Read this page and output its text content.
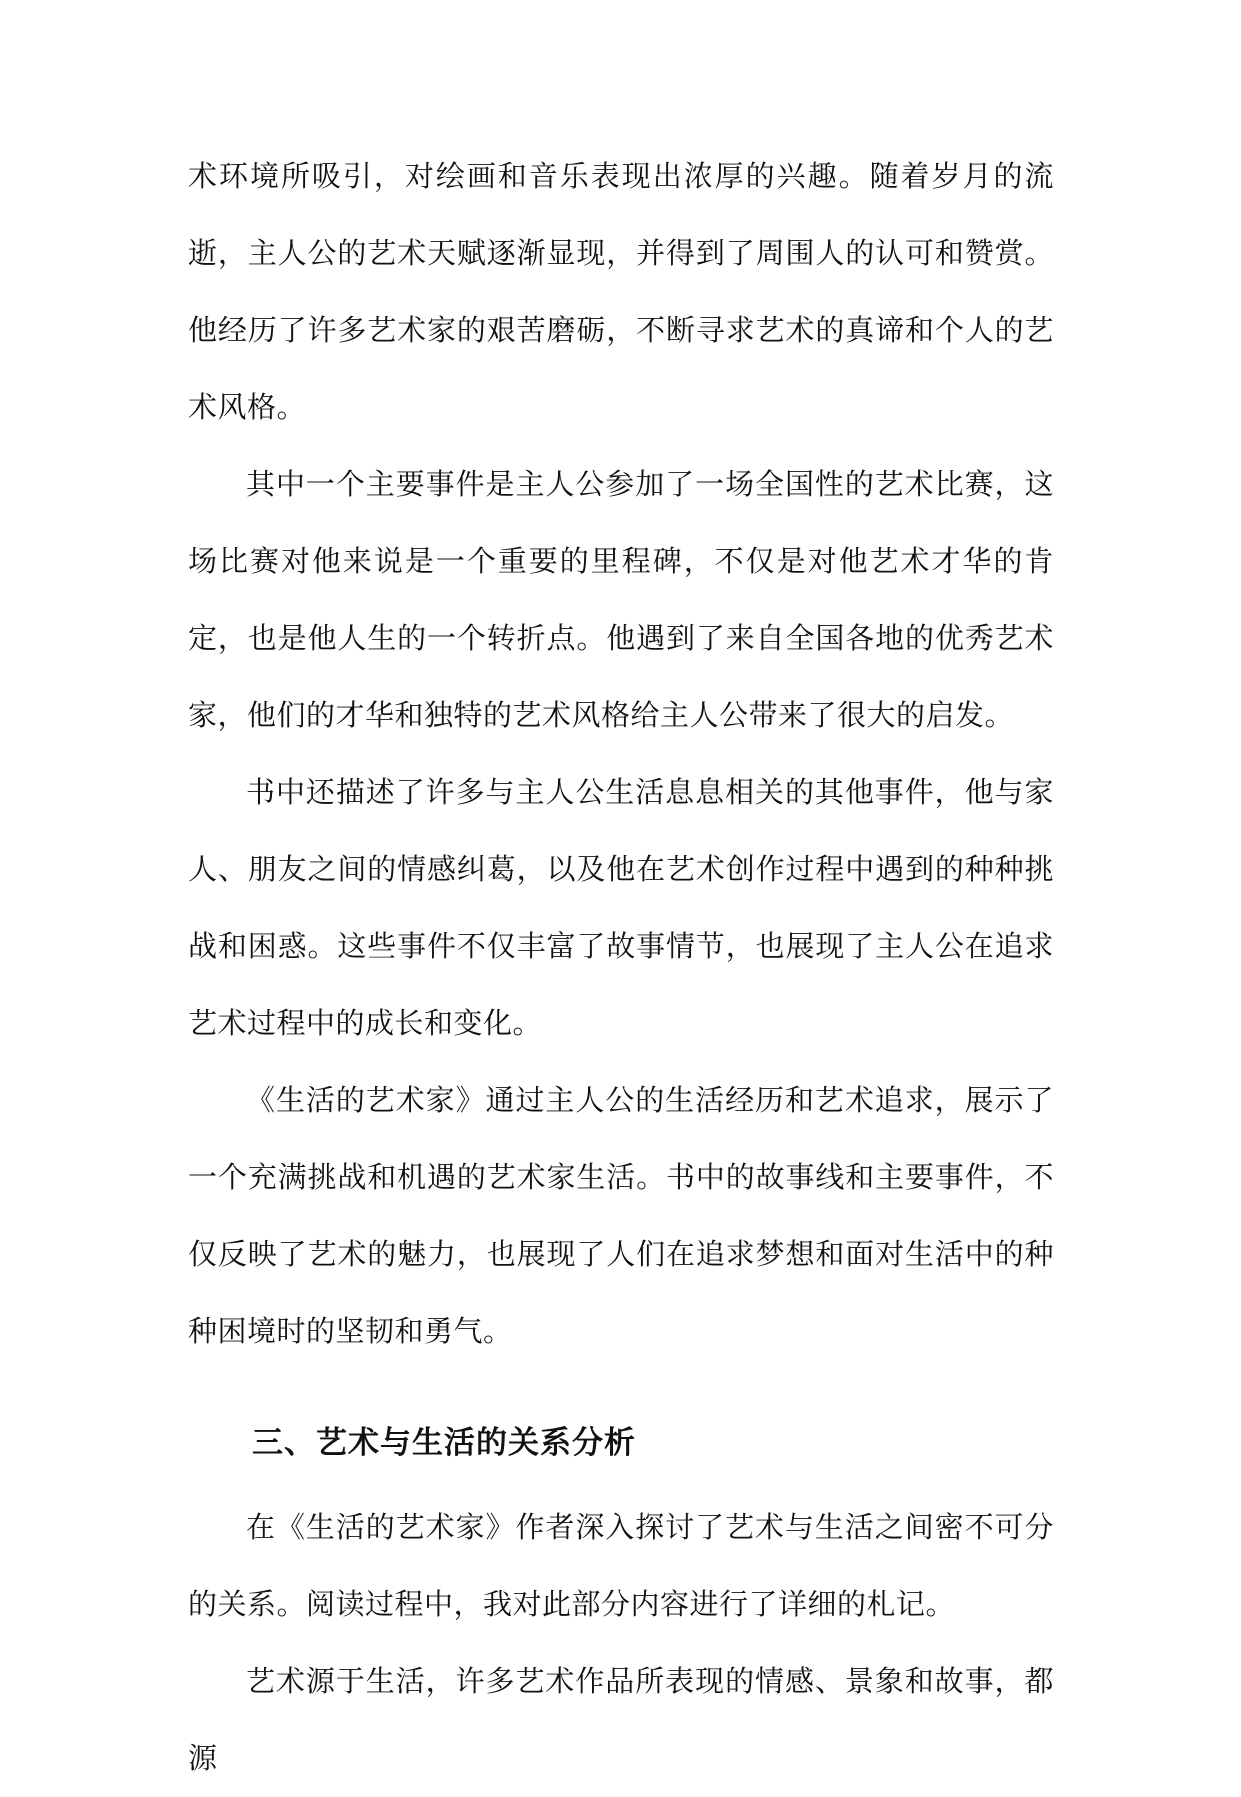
术环境所吸引，对绘画和音乐表现出浓厚的兴趣。随着岁月的流逝，主人公的艺术天赋逐渐显现，并得到了周围人的认可和赞赏。他经历了许多艺术家的艰苦磨砺，不断寻求艺术的真谛和个人的艺术风格。

其中一个主要事件是主人公参加了一场全国性的艺术比赛，这场比赛对他来说是一个重要的里程碑，不仅是对他艺术才华的肯定，也是他人生的一个转折点。他遇到了来自全国各地的优秀艺术家，他们的才华和独特的艺术风格给主人公带来了很大的启发。

书中还描述了许多与主人公生活息息相关的其他事件，他与家人、朋友之间的情感纠葛，以及他在艺术创作过程中遇到的种种挑战和困惑。这些事件不仅丰富了故事情节，也展现了主人公在追求艺术过程中的成长和变化。

《生活的艺术家》通过主人公的生活经历和艺术追求，展示了一个充满挑战和机遇的艺术家生活。书中的故事线和主要事件，不仅反映了艺术的魅力，也展现了人们在追求梦想和面对生活中的种种困境时的坚韧和勇气。

三、艺术与生活的关系分析

在《生活的艺术家》作者深入探讨了艺术与生活之间密不可分的关系。阅读过程中，我对此部分内容进行了详细的札记。

艺术源于生活，许多艺术作品所表现的情感、景象和故事，都源
